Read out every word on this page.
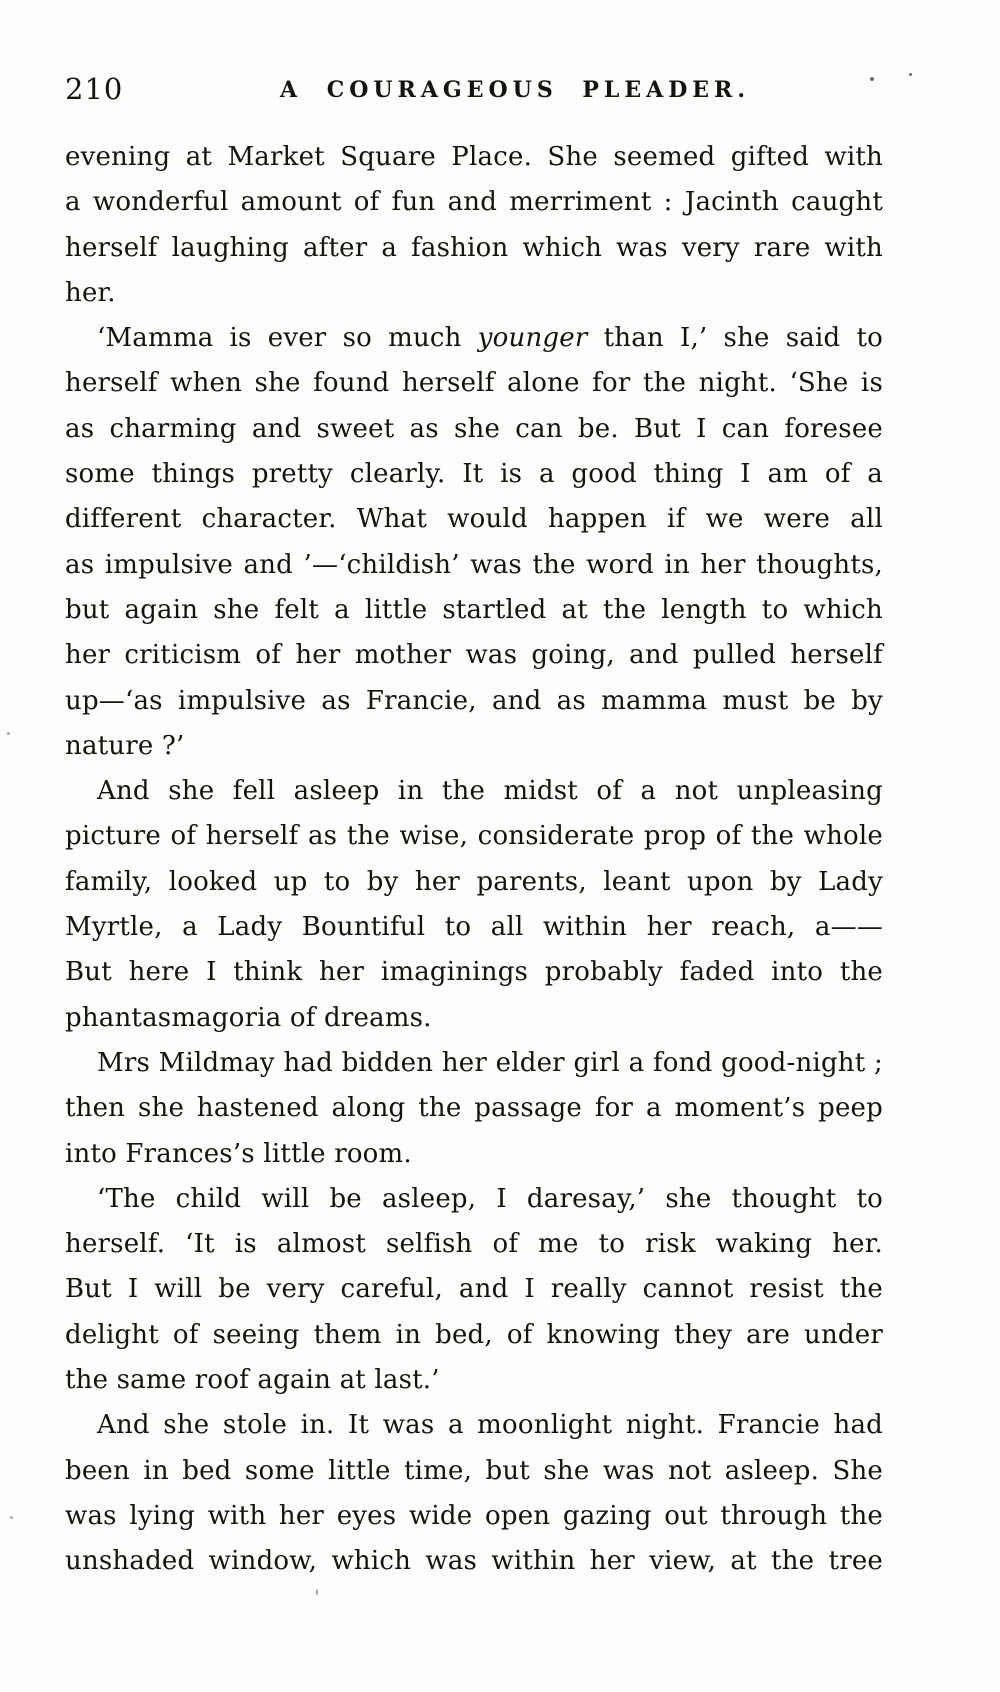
210	A COURAGEOUS PLEADER.
evening at Market Square Place. She seemed gifted with
a wonderful amount of fun and merriment : Jacinth caught
herself laughing after a fashion which was very rare with
her.
‘Mamma is ever so much younger than I,’ she said to
herself when she found herself alone for the night. ‘She is
as charming and sweet as she can be. But I can foresee
some things pretty clearly. It is a good thing I am of a
different character. What would happen if we were all
as impulsive and ’—‘childish’ was the word in her thoughts,
but again she felt a little startled at the length to which
her criticism of her mother was going, and pulled herself
up—‘as impulsive as Francie, and as mamma must be by
nature ?’
And she fell asleep in the midst of a not unpleasing
picture of herself as the wise, considerate prop of the whole
family, looked up to by her parents, leant upon by Lady
Myrtle, a Lady Bountiful to all within her reach, a——
But here I think her imaginings probably faded into the
phantasmagoria of dreams.
Mrs Mildmay had bidden her elder girl a fond good-night ;
then she hastened along the passage for a moment’s peep
into Frances’s little room.
‘The child will be asleep, I daresay,’ she thought to
herself. ‘It is almost selfish of me to risk waking her.
But I will be very careful, and I really cannot resist the
delight of seeing them in bed, of knowing they are under
the same roof again at last.’
And she stole in. It was a moonlight night. Francie had
been in bed some little time, but she was not asleep. She
was lying with her eyes wide open gazing out through the
unshaded window, which was within her view, at the tree
